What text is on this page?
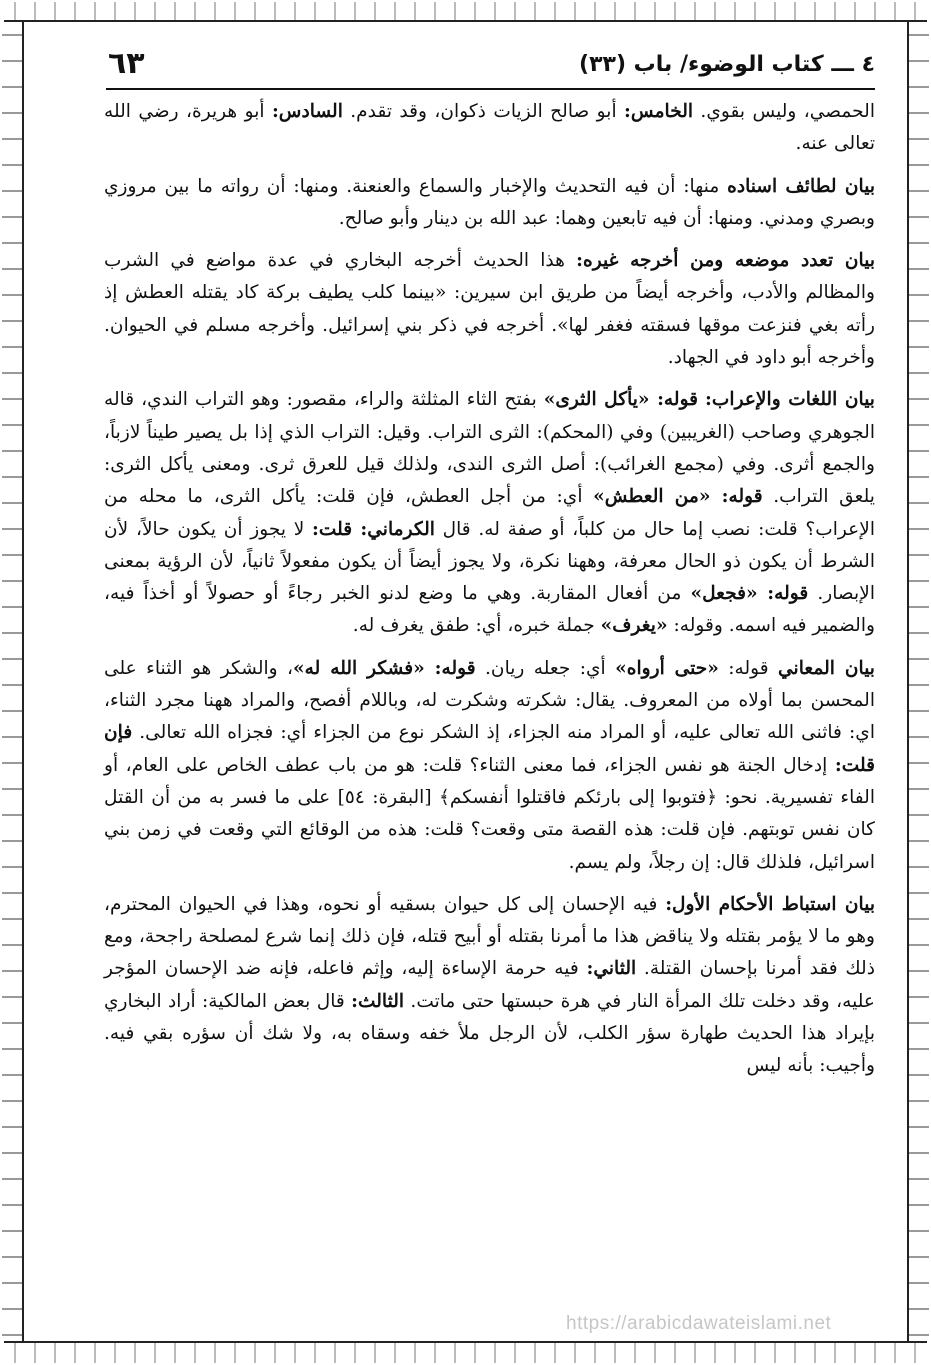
٦٣	٤ ـــ كتاب الوضوء/ باب (٣٣)

الحمصي، وليس بقوي. الخامس: أبو صالح الزيات ذكوان، وقد تقدم. السادس: أبو هريرة، رضي الله تعالى عنه.

بيان لطائف اسناده منها: أن فيه التحديث والإخبار والسماع والعنعنة. ومنها: أن رواته ما بين مروزي وبصري ومدني. ومنها: أن فيه تابعين وهما: عبد الله بن دينار وأبو صالح.

بيان تعدد موضعه ومن أخرجه غيره: هذا الحديث أخرجه البخاري في عدة مواضع في الشرب والمظالم والأدب، وأخرجه أيضاً من طريق ابن سيرين: «بينما كلب يطيف بركة كاد يقتله العطش إذ رأته بغي فنزعت موقها فسقته فغفر لها». أخرجه في ذكر بني إسرائيل. وأخرجه مسلم في الحيوان. وأخرجه أبو داود في الجهاد.

بيان اللغات والإعراب: قوله: «يأكل الثرى» بفتح الثاء المثلثة والراء، مقصور: وهو التراب الندي، قاله الجوهري وصاحب (الغريبين) وفي (المحكم): الثرى التراب. وقيل: التراب الذي إذا بل يصير طيناً لازباً، والجمع أثرى. وفي (مجمع الغرائب): أصل الثرى الندى، ولذلك قيل للعرق ثرى. ومعنى يأكل الثرى: يلعق التراب. قوله: «من العطش» أي: من أجل العطش، فإن قلت: يأكل الثرى، ما محله من الإعراب؟ قلت: نصب إما حال من كلباً، أو صفة له. قال الكرماني: قلت: لا يجوز أن يكون حالاً، لأن الشرط أن يكون ذو الحال معرفة، وههنا نكرة، ولا يجوز أيضاً أن يكون مفعولاً ثانياً، لأن الرؤية بمعنى الإبصار. قوله: «فجعل» من أفعال المقاربة. وهي ما وضع لدنو الخبر رجاءً أو حصولاً أو أخذاً فيه، والضمير فيه اسمه. وقوله: «يغرف» جملة خبره، أي: طفق يغرف له.

بيان المعاني قوله: «حتى أرواه» أي: جعله ريان. قوله: «فشكر الله له»، والشكر هو الثناء على المحسن بما أولاه من المعروف. يقال: شكرته وشكرت له، وباللام أفصح، والمراد ههنا مجرد الثناء، اي: فاثنى الله تعالى عليه، أو المراد منه الجزاء، إذ الشكر نوع من الجزاء أي: فجزاه الله تعالى. فإن قلت: إدخال الجنة هو نفس الجزاء، فما معنى الثناء؟ قلت: هو من باب عطف الخاص على العام، أو الفاء تفسيرية. نحو: ﴿فتوبوا إلى بارئكم فاقتلوا أنفسكم﴾ [البقرة: ٥٤] على ما فسر به من أن القتل كان نفس توبتهم. فإن قلت: هذه القصة متى وقعت؟ قلت: هذه من الوقائع التي وقعت في زمن بني اسرائيل، فلذلك قال: إن رجلاً، ولم يسم.

بيان استباط الأحكام الأول: فيه الإحسان إلى كل حيوان بسقيه أو نحوه، وهذا في الحيوان المحترم، وهو ما لا يؤمر بقتله ولا يناقض هذا ما أمرنا بقتله أو أبيح قتله، فإن ذلك إنما شرع لمصلحة راجحة، ومع ذلك فقد أمرنا بإحسان القتلة. الثاني: فيه حرمة الإساءة إليه، وإثم فاعله، فإنه ضد الإحسان المؤجر عليه، وقد دخلت تلك المرأة النار في هرة حبستها حتى ماتت. الثالث: قال بعض المالكية: أراد البخاري بإيراد هذا الحديث طهارة سؤر الكلب، لأن الرجل ملأ خفه وسقاه به، ولا شك أن سؤره بقي فيه. وأجيب: بأنه ليس

https://arabicdawateislami.net
